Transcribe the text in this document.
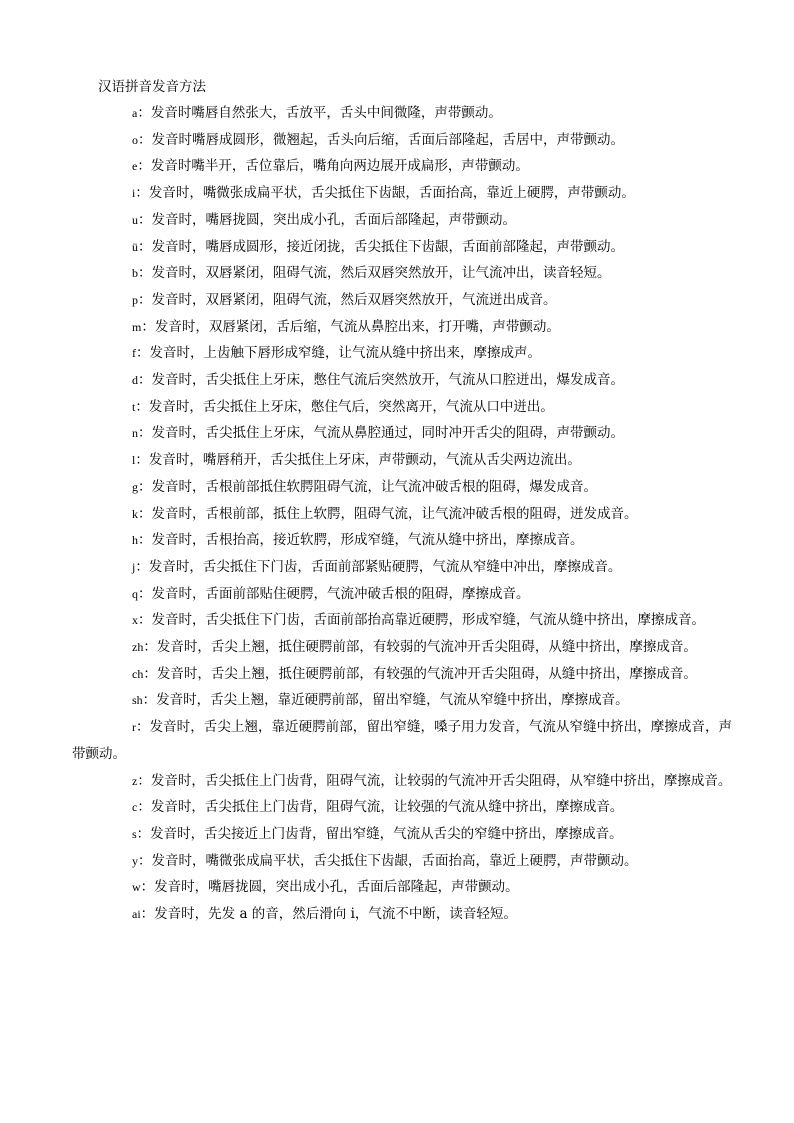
汉语拼音发音方法

a：发音时嘴唇自然张大，舌放平，舌头中间微隆，声带颤动。

o：发音时嘴唇成圆形，微翘起，舌头向后缩，舌面后部隆起，舌居中，声带颤动。

e：发音时嘴半开，舌位靠后，嘴角向两边展开成扁形，声带颤动。

i：发音时，嘴微张成扁平状，舌尖抵住下齿龈，舌面抬高，靠近上硬腭，声带颤动。

u：发音时，嘴唇拢圆，突出成小孔，舌面后部隆起，声带颤动。

ü：发音时，嘴唇成圆形，接近闭拢，舌尖抵住下齿龈，舌面前部隆起，声带颤动。

b：发音时，双唇紧闭，阻碍气流，然后双唇突然放开，让气流冲出，读音轻短。

p：发音时，双唇紧闭，阻碍气流，然后双唇突然放开，气流迸出成音。

m：发音时，双唇紧闭，舌后缩，气流从鼻腔出来，打开嘴，声带颤动。

f：发音时，上齿触下唇形成窄缝，让气流从缝中挤出来，摩擦成声。

d：发音时，舌尖抵住上牙床，憋住气流后突然放开，气流从口腔迸出，爆发成音。

t：发音时，舌尖抵住上牙床，憋住气后，突然离开，气流从口中迸出。

n：发音时，舌尖抵住上牙床，气流从鼻腔通过，同时冲开舌尖的阻碍，声带颤动。

l：发音时，嘴唇稍开，舌尖抵住上牙床，声带颤动，气流从舌尖两边流出。

g：发音时，舌根前部抵住软腭阻碍气流，让气流冲破舌根的阻碍，爆发成音。

k：发音时，舌根前部，抵住上软腭，阻碍气流，让气流冲破舌根的阻碍，迸发成音。

h：发音时，舌根抬高，接近软腭，形成窄缝，气流从缝中挤出，摩擦成音。

j：发音时，舌尖抵住下门齿，舌面前部紧贴硬腭，气流从窄缝中冲出，摩擦成音。

q：发音时，舌面前部贴住硬腭，气流冲破舌根的阻碍，摩擦成音。

x：发音时，舌尖抵住下门齿，舌面前部抬高靠近硬腭，形成窄缝，气流从缝中挤出，摩擦成音。

zh：发音时，舌尖上翘，抵住硬腭前部，有较弱的气流冲开舌尖阻碍，从缝中挤出，摩擦成音。

ch：发音时，舌尖上翘，抵住硬腭前部，有较强的气流冲开舌尖阻碍，从缝中挤出，摩擦成音。

sh：发音时，舌尖上翘，靠近硬腭前部，留出窄缝，气流从窄缝中挤出，摩擦成音。

r：发音时，舌尖上翘，靠近硬腭前部，留出窄缝，嗓子用力发音，气流从窄缝中挤出，摩擦成音，声带颤动。

z：发音时，舌尖抵住上门齿背，阻碍气流，让较弱的气流冲开舌尖阻碍，从窄缝中挤出，摩擦成音。

c：发音时，舌尖抵住上门齿背，阻碍气流，让较强的气流从缝中挤出，摩擦成音。

s：发音时，舌尖接近上门齿背，留出窄缝，气流从舌尖的窄缝中挤出，摩擦成音。

y：发音时，嘴微张成扁平状，舌尖抵住下齿龈，舌面抬高，靠近上硬腭，声带颤动。

w：发音时，嘴唇拢圆，突出成小孔，舌面后部隆起，声带颤动。

ai：发音时，先发 a 的音，然后滑向 i，气流不中断，读音轻短。
